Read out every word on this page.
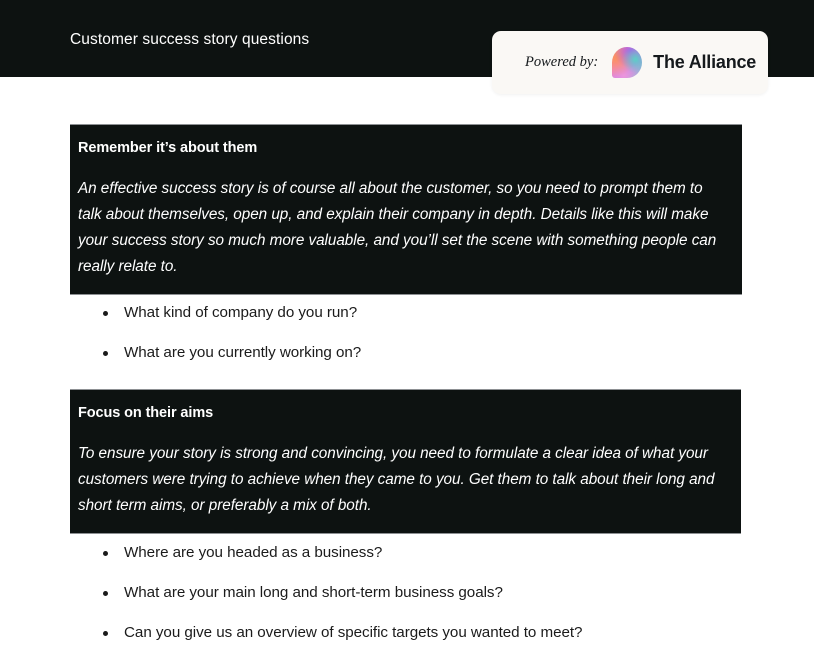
Customer success story questions
Powered by:	The Alliance
Remember it’s about them
An effective success story is of course all about the customer, so you need to prompt them to talk about themselves, open up, and explain their company in depth. Details like this will make your success story so much more valuable, and you’ll set the scene with something people can really relate to.
What kind of company do you run?
What are you currently working on?
Focus on their aims
To ensure your story is strong and convincing, you need to formulate a clear idea of what your customers were trying to achieve when they came to you. Get them to talk about their long and short term aims, or preferably a mix of both.
Where are you headed as a business?
What are your main long and short-term business goals?
Can you give us an overview of specific targets you wanted to meet?
